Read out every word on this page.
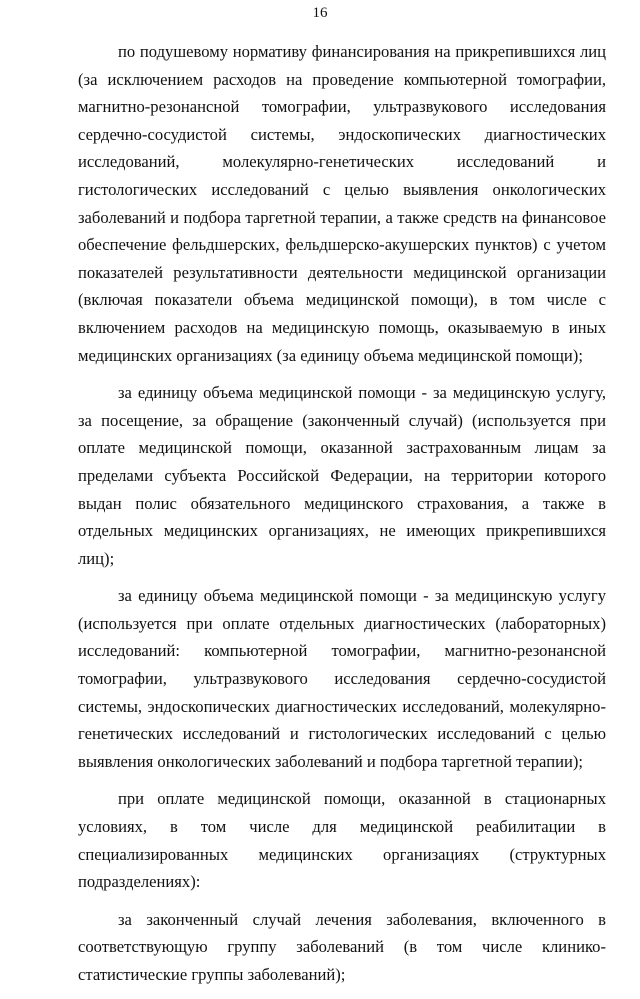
16

по подушевому нормативу финансирования на прикрепившихся лиц (за исключением расходов на проведение компьютерной томографии, магнитно-резонансной томографии, ультразвукового исследования сердечно-сосудистой системы, эндоскопических диагностических исследований, молекулярно-генетических исследований и гистологических исследований с целью выявления онкологических заболеваний и подбора таргетной терапии, а также средств на финансовое обеспечение фельдшерских, фельдшерско-акушерских пунктов) с учетом показателей результативности деятельности медицинской организации (включая показатели объема медицинской помощи), в том числе с включением расходов на медицинскую помощь, оказываемую в иных медицинских организациях (за единицу объема медицинской помощи);

за единицу объема медицинской помощи - за медицинскую услугу, за посещение, за обращение (законченный случай) (используется при оплате медицинской помощи, оказанной застрахованным лицам за пределами субъекта Российской Федерации, на территории которого выдан полис обязательного медицинского страхования, а также в отдельных медицинских организациях, не имеющих прикрепившихся лиц);

за единицу объема медицинской помощи - за медицинскую услугу (используется при оплате отдельных диагностических (лабораторных) исследований: компьютерной томографии, магнитно-резонансной томографии, ультразвукового исследования сердечно-сосудистой системы, эндоскопических диагностических исследований, молекулярно-генетических исследований и гистологических исследований с целью выявления онкологических заболеваний и подбора таргетной терапии);

при оплате медицинской помощи, оказанной в стационарных условиях, в том числе для медицинской реабилитации в специализированных медицинских организациях (структурных подразделениях):

за законченный случай лечения заболевания, включенного в соответствующую группу заболеваний (в том числе клинико-статистические группы заболеваний);
